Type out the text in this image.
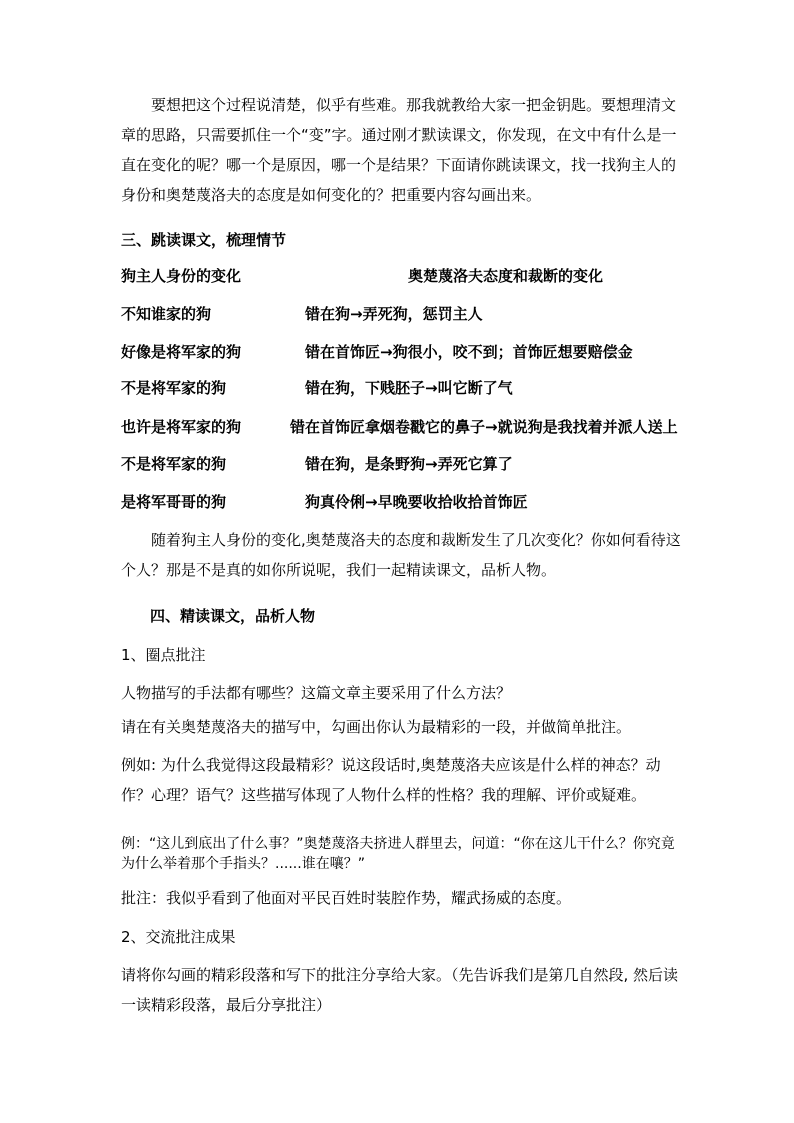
要想把这个过程说清楚，似乎有些难。那我就教给大家一把金钥匙。要想理清文章的思路，只需要抓住一个“变”字。通过刚才默读课文，你发现，在文中有什么是一直在变化的呢？哪一个是原因，哪一个是结果？下面请你跳读课文，找一找狗主人的身份和奥楚蔑洛夫的态度是如何变化的？把重要内容勾画出来。

三、跳读课文，梳理情节
狗主人身份的变化	奥楚蔑洛夫态度和裁断的变化
不知谁家的狗	错在狗→弄死狗，惩罚主人
好像是将军家的狗	错在首饰匠→狗很小，咬不到；首饰匠想要赔偿金
不是将军家的狗	错在狗，下贱胚子→叫它断了气
也许是将军家的狗	错在首饰匠拿烟卷戳它的鼻子→就说狗是我找着并派人送上
不是将军家的狗	错在狗，是条野狗→弄死它算了
是将军哥哥的狗	狗真伶俐→早晚要收拾收拾首饰匠

随着狗主人身份的变化,奥楚蔑洛夫的态度和裁断发生了几次变化？你如何看待这个人？那是不是真的如你所说呢，我们一起精读课文，品析人物。

四、精读课文，品析人物
1、圈点批注
人物描写的手法都有哪些？这篇文章主要采用了什么方法？
请在有关奥楚蔑洛夫的描写中，勾画出你认为最精彩的一段，并做简单批注。

例如: 为什么我觉得这段最精彩？说这段话时,奥楚蔑洛夫应该是什么样的神态？动作？心理？语气？这些描写体现了人物什么样的性格？我的理解、评价或疑难。

例：“这儿到底出了什么事？”奥楚蔑洛夫挤进人群里去，问道：“你在这儿干什么？你究竟为什么举着那个手指头？......谁在嚷？”

批注：我似乎看到了他面对平民百姓时装腔作势，耀武扬威的态度。
2、交流批注成果

请将你勾画的精彩段落和写下的批注分享给大家。（先告诉我们是第几自然段, 然后读一读精彩段落，最后分享批注）
